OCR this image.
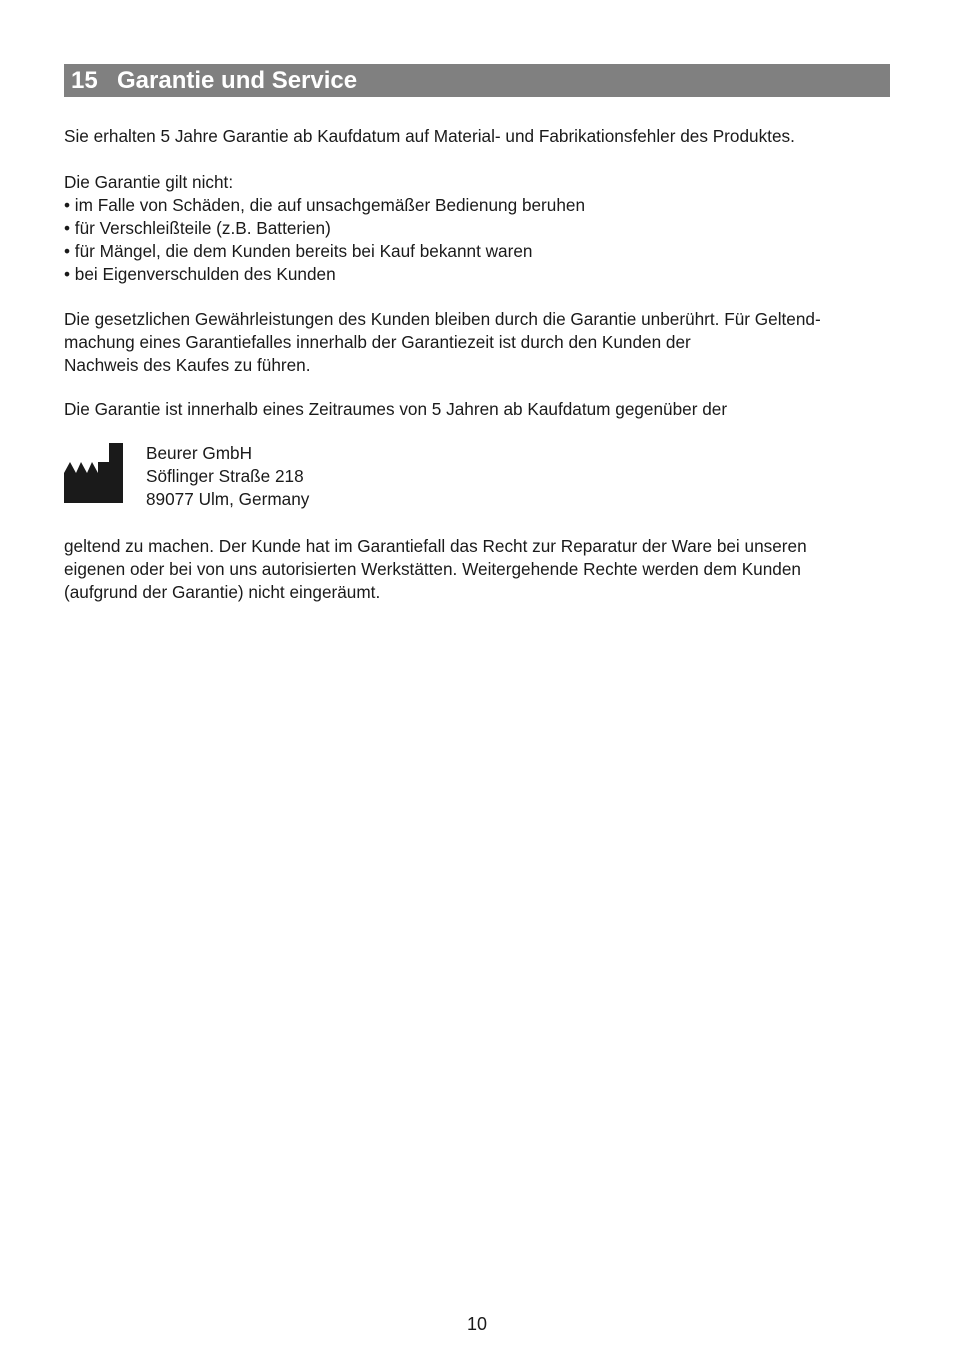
15 Garantie und Service

Sie erhalten 5 Jahre Garantie ab Kaufdatum auf Material- und Fabrikationsfehler des Produktes.

Die Garantie gilt nicht:

• im Falle von Schäden, die auf unsachgemäßer Bedienung beruhen

• für Verschleißteile (z.B. Batterien)

• für Mängel, die dem Kunden bereits bei Kauf bekannt waren

• bei Eigenverschulden des Kunden

Die gesetzlichen Gewährleistungen des Kunden bleiben durch die Garantie unberührt. Für Geltend-

machung eines Garantiefalles innerhalb der Garantiezeit ist durch den Kunden der

Nachweis des Kaufes zu führen.

Die Garantie ist innerhalb eines Zeitraumes von 5 Jahren ab Kaufdatum gegenüber der

Beurer GmbH

Söflinger Straße 218

89077 Ulm, Germany

geltend zu machen. Der Kunde hat im Garantiefall das Recht zur Reparatur der Ware bei unseren

eigenen oder bei von uns autorisierten Werkstätten. Weitergehende Rechte werden dem Kunden

(aufgrund der Garantie) nicht eingeräumt.

10
